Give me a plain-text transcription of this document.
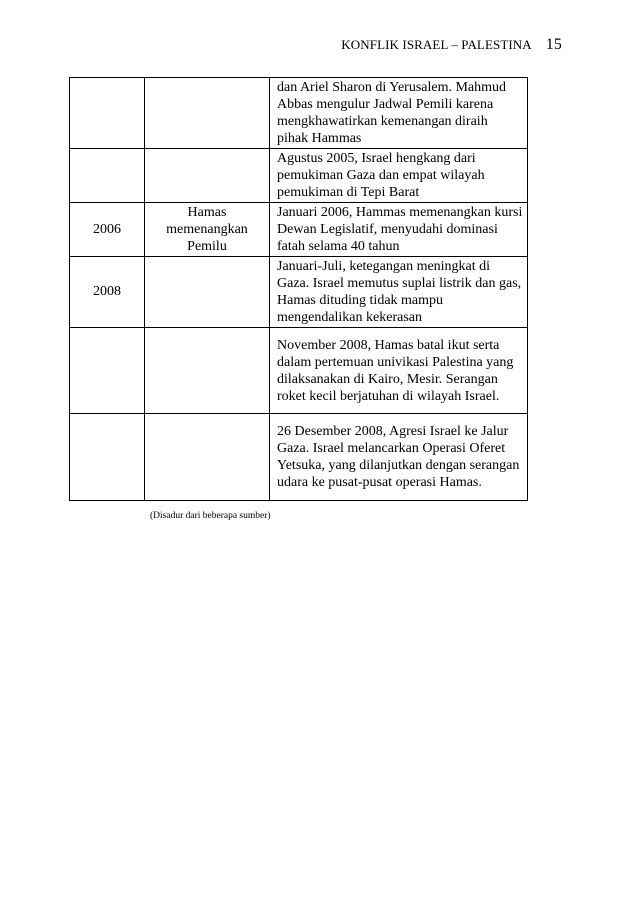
KONFLIK ISRAEL – PALESTINA 15

		dan Ariel Sharon di Yerusalem. Mahmud Abbas mengulur Jadwal Pemili karena mengkhawatirkan kemenangan diraih pihak Hammas

		Agustus 2005, Israel hengkang dari pemukiman Gaza dan empat wilayah pemukiman di Tepi Barat

2006	Hamas memenangkan Pemilu	Januari 2006, Hammas memenangkan kursi Dewan Legislatif, menyudahi dominasi fatah selama 40 tahun

2008		Januari-Juli, ketegangan meningkat di Gaza. Israel memutus suplai listrik dan gas, Hamas dituding tidak mampu mengendalikan kekerasan

		November 2008, Hamas batal ikut serta dalam pertemuan univikasi Palestina yang dilaksanakan di Kairo, Mesir. Serangan roket kecil berjatuhan di wilayah Israel.

		26 Desember 2008, Agresi Israel ke Jalur Gaza. Israel melancarkan Operasi Oferet Yetsuka, yang dilanjutkan dengan serangan udara ke pusat-pusat operasi Hamas.
(Disadur dari beberapa sumber)
